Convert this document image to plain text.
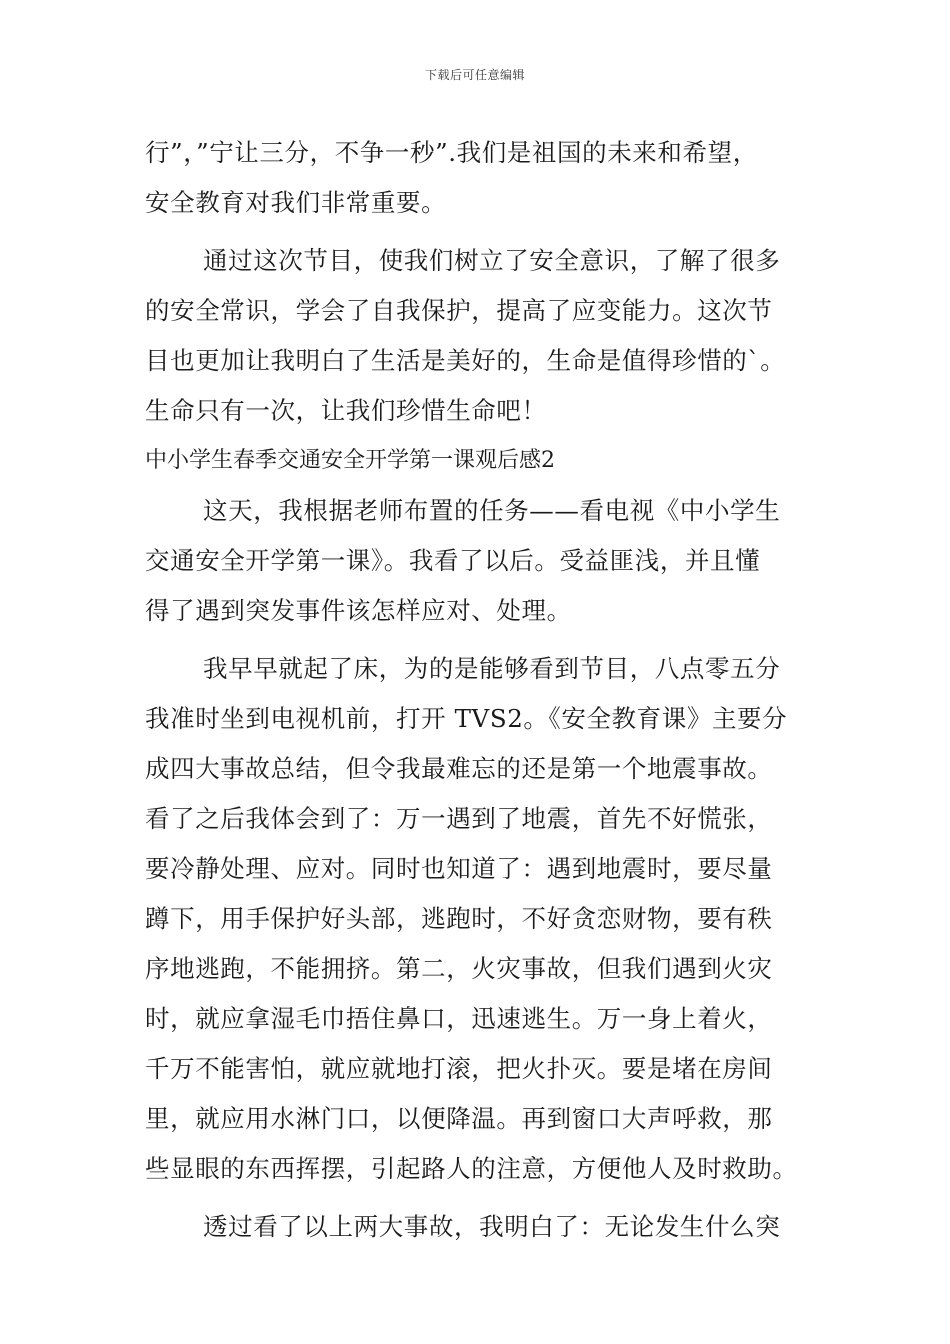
下载后可任意编辑
行”，”宁让三分，不争一秒”.我们是祖国的未来和希望，
安全教育对我们非常重要。
通过这次节目，使我们树立了安全意识，了解了很多
的安全常识，学会了自我保护，提高了应变能力。这次节
目也更加让我明白了生活是美好的，生命是值得珍惜的`。
生命只有一次，让我们珍惜生命吧！
中小学生春季交通安全开学第一课观后感2
这天，我根据老师布置的任务——看电视《中小学生
交通安全开学第一课》。我看了以后。受益匪浅，并且懂
得了遇到突发事件该怎样应对、处理。
我早早就起了床，为的是能够看到节目，八点零五分
我准时坐到电视机前，打开 TVS2。《安全教育课》主要分
成四大事故总结，但令我最难忘的还是第一个地震事故。
看了之后我体会到了：万一遇到了地震，首先不好慌张，
要冷静处理、应对。同时也知道了：遇到地震时，要尽量
蹲下，用手保护好头部，逃跑时，不好贪恋财物，要有秩
序地逃跑，不能拥挤。第二，火灾事故，但我们遇到火灾
时，就应拿湿毛巾捂住鼻口，迅速逃生。万一身上着火，
千万不能害怕，就应就地打滚，把火扑灭。要是堵在房间
里，就应用水淋门口，以便降温。再到窗口大声呼救，那
些显眼的东西挥摆，引起路人的注意，方便他人及时救助。
透过看了以上两大事故，我明白了：无论发生什么突
